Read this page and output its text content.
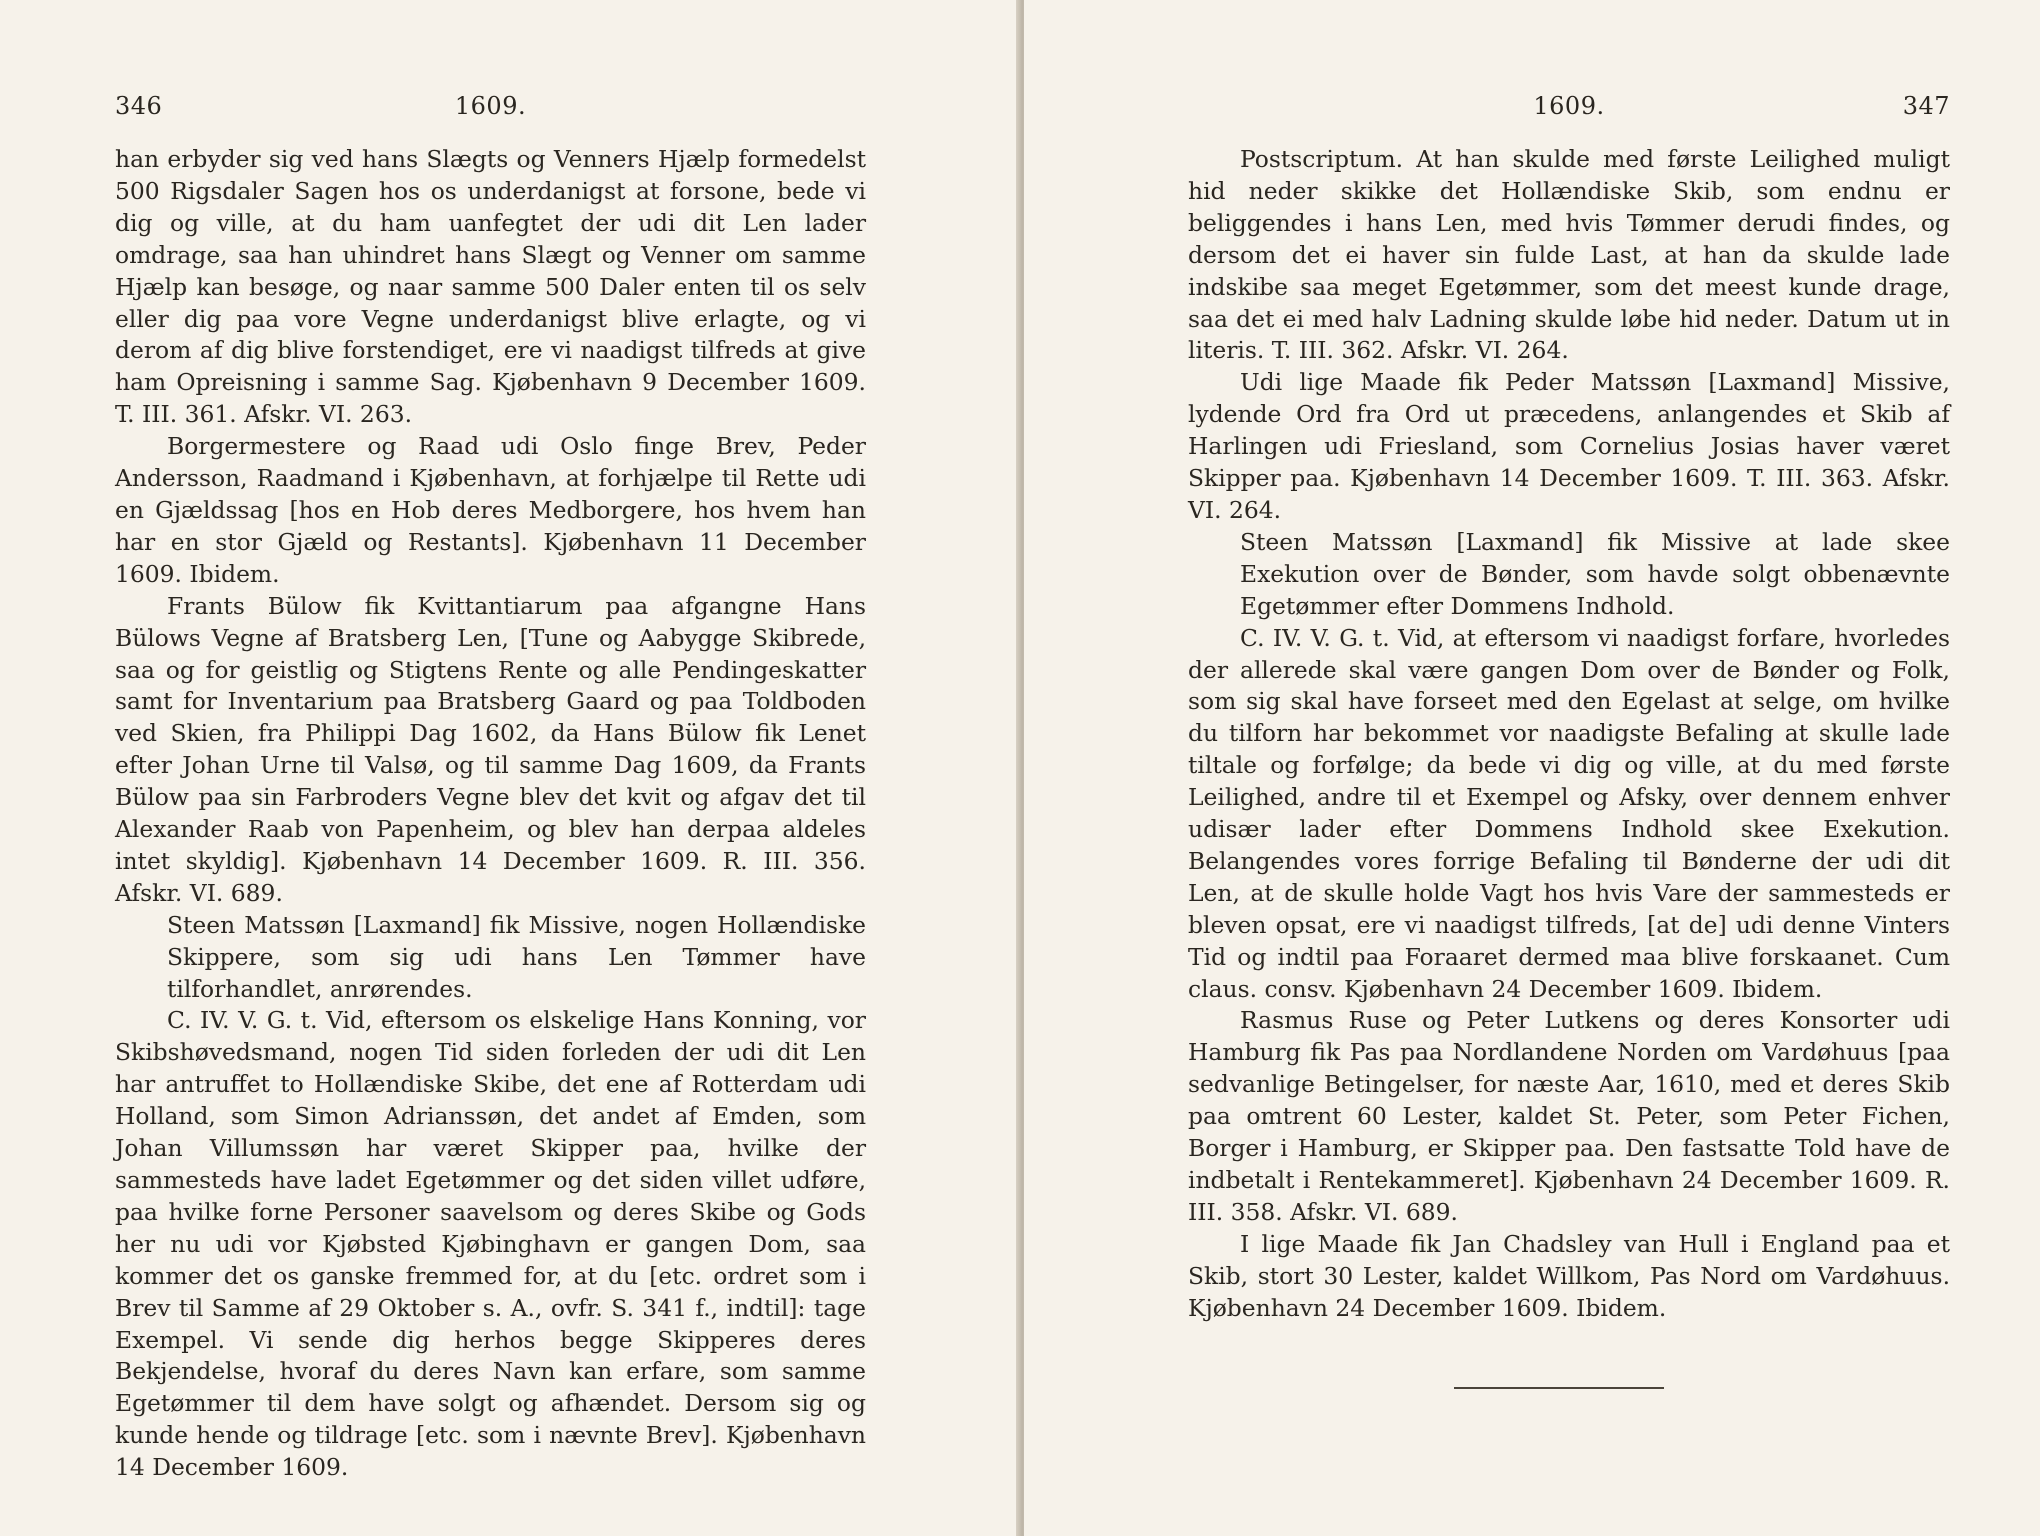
346	1609.

han erbyder sig ved hans Slægts og Venners Hjælp formedelst 500 Rigsdaler Sagen hos os underdanigst at forsone, bede vi dig og ville, at du ham uanfegtet der udi dit Len lader omdrage, saa han uhindret hans Slægt og Venner om samme Hjælp kan besøge, og naar samme 500 Daler enten til os selv eller dig paa vore Vegne underdanigst blive erlagte, og vi derom af dig blive forstendiget, ere vi naadigst tilfreds at give ham Opreisning i samme Sag. Kjøbenhavn 9 December 1609. T. III. 361. Afskr. VI. 263.

Borgermestere og Raad udi Oslo finge Brev, Peder Andersson, Raadmand i Kjøbenhavn, at forhjælpe til Rette udi en Gjældssag [hos en Hob deres Medborgere, hos hvem han har en stor Gjæld og Restants]. Kjøbenhavn 11 December 1609. Ibidem.

Frants Bülow fik Kvittantiarum paa afgangne Hans Bülows Vegne af Bratsberg Len, [Tune og Aabygge Skibrede, saa og for geistlig og Stigtens Rente og alle Pendingeskatter samt for Inventarium paa Bratsberg Gaard og paa Toldboden ved Skien, fra Philippi Dag 1602, da Hans Bülow fik Lenet efter Johan Urne til Valsø, og til samme Dag 1609, da Frants Bülow paa sin Farbroders Vegne blev det kvit og afgav det til Alexander Raab von Papenheim, og blev han derpaa aldeles intet skyldig]. Kjøbenhavn 14 December 1609. R. III. 356. Afskr. VI. 689.

Steen Matssøn [Laxmand] fik Missive, nogen Hollændiske Skippere, som sig udi hans Len Tømmer have tilforhandlet, anrørendes.

C. IV. V. G. t. Vid, eftersom os elskelige Hans Konning, vor Skibshøvedsmand, nogen Tid siden forleden der udi dit Len har antruffet to Hollændiske Skibe, det ene af Rotterdam udi Holland, som Simon Adrianssøn, det andet af Emden, som Johan Villumssøn har været Skipper paa, hvilke der sammesteds have ladet Egetømmer og det siden villet udføre, paa hvilke forne Personer saavelsom og deres Skibe og Gods her nu udi vor Kjøbsted Kjøbinghavn er gangen Dom, saa kommer det os ganske fremmed for, at du [etc. ordret som i Brev til Samme af 29 Oktober s. A., ovfr. S. 341 f., indtil]: tage Exempel. Vi sende dig herhos begge Skipperes deres Bekjendelse, hvoraf du deres Navn kan erfare, som samme Egetømmer til dem have solgt og afhændet. Dersom sig og kunde hende og tildrage [etc. som i nævnte Brev]. Kjøbenhavn 14 December 1609.

1609.	347

Postscriptum. At han skulde med første Leilighed muligt hid neder skikke det Hollændiske Skib, som endnu er beliggendes i hans Len, med hvis Tømmer derudi findes, og dersom det ei haver sin fulde Last, at han da skulde lade indskibe saa meget Egetømmer, som det meest kunde drage, saa det ei med halv Ladning skulde løbe hid neder. Datum ut in literis. T. III. 362. Afskr. VI. 264.

Udi lige Maade fik Peder Matssøn [Laxmand] Missive, lydende Ord fra Ord ut præcedens, anlangendes et Skib af Harlingen udi Friesland, som Cornelius Josias haver været Skipper paa. Kjøbenhavn 14 December 1609. T. III. 363. Afskr. VI. 264.

Steen Matssøn [Laxmand] fik Missive at lade skee Exekution over de Bønder, som havde solgt obbenævnte Egetømmer efter Dommens Indhold.

C. IV. V. G. t. Vid, at eftersom vi naadigst forfare, hvorledes der allerede skal være gangen Dom over de Bønder og Folk, som sig skal have forseet med den Egelast at selge, om hvilke du tilforn har bekommet vor naadigste Befaling at skulle lade tiltale og forfølge; da bede vi dig og ville, at du med første Leilighed, andre til et Exempel og Afsky, over dennem enhver udisær lader efter Dommens Indhold skee Exekution. Belangendes vores forrige Befaling til Bønderne der udi dit Len, at de skulle holde Vagt hos hvis Vare der sammesteds er bleven opsat, ere vi naadigst tilfreds, [at de] udi denne Vinters Tid og indtil paa Foraaret dermed maa blive forskaanet. Cum claus. consv. Kjøbenhavn 24 December 1609. Ibidem.

Rasmus Ruse og Peter Lutkens og deres Konsorter udi Hamburg fik Pas paa Nordlandene Norden om Vardøhuus [paa sedvanlige Betingelser, for næste Aar, 1610, med et deres Skib paa omtrent 60 Lester, kaldet St. Peter, som Peter Fichen, Borger i Hamburg, er Skipper paa. Den fastsatte Told have de indbetalt i Rentekammeret]. Kjøbenhavn 24 December 1609. R. III. 358. Afskr. VI. 689.

I lige Maade fik Jan Chadsley van Hull i England paa et Skib, stort 30 Lester, kaldet Willkom, Pas Nord om Vardøhuus. Kjøbenhavn 24 December 1609. Ibidem.
